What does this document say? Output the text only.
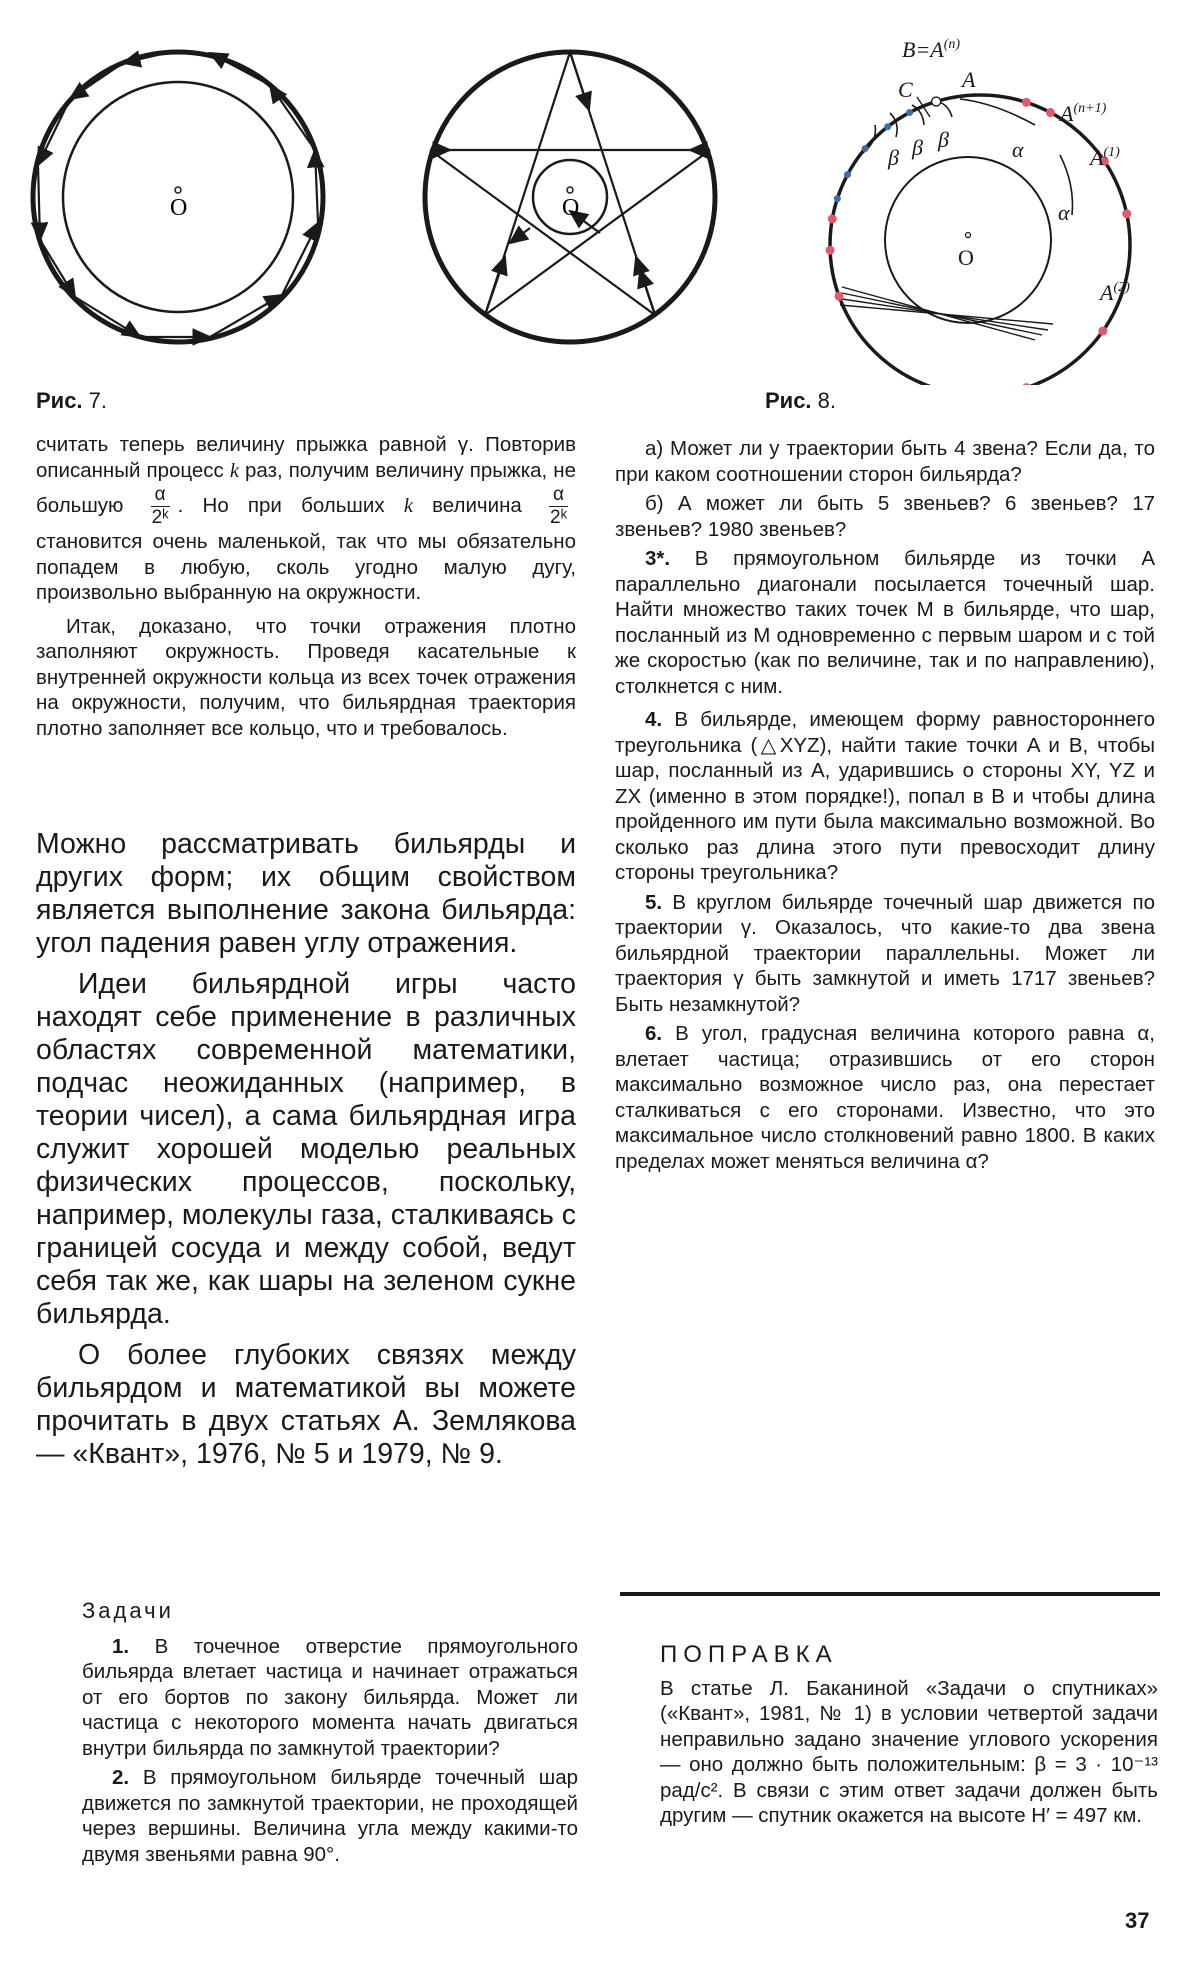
O	O
$B=A^{(n)}$
C A
$A^{(n+1)}$
$A^{(1)}$
$A^{(2)}$
β β β	α
α
O
Рис. 7.	Рис. 8.

считать теперь величину прыжка равной γ. Повторив описанный процесс k раз, получим величину прыжка, не большую $\frac{\alpha}{\text{2ᵏ}}$ . Но при больших k величина $\frac{\alpha}{\text{2ᵏ}}$
становится очень маленькой, так что мы обязательно попадем в любую, сколь угодно малую дугу, произвольно выбранную на окружности.

Итак, доказано, что точки отражения плотно заполняют окружность. Проведя касательные к внутренней окружности кольца из всех точек отражения на окружности, получим, что бильярдная траектория плотно заполняет все кольцо, что и требовалось.

Можно рассматривать бильярды и других форм; их общим свойством является выполнение закона бильярда: угол падения равен углу отражения.

Идеи бильярдной игры часто находят себе применение в различных областях современной математики, подчас неожиданных (например, в теории чисел), а сама бильярдная игра служит хорошей моделью реальных физических процессов, поскольку, например, молекулы газа, сталкиваясь с границей сосуда и между собой, ведут себя так же, как шары на зеленом сукне бильярда.

О более глубоких связях между бильярдом и математикой вы можете прочитать в двух статьях А. Землякова — «Квант», 1976, № 5 и 1979, № 9.

а) Может ли у траектории быть 4 звена? Если да, то при каком соотношении сторон бильярда?

б) А может ли быть 5 звеньев? 6 звеньев? 17 звеньев? 1980 звеньев?

3*. В прямоугольном бильярде из точки A параллельно диагонали посылается точечный шар. Найти множество таких точек M в бильярде, что шар, посланный из M одновременно с первым шаром и с той же скоростью (как по величине, так и по направлению), столкнется с ним.

4. В бильярде, имеющем форму равностороннего треугольника (△XYZ), найти такие точки A и B, чтобы шар, посланный из A, ударившись о стороны XY, YZ и ZX (именно в этом порядке!), попал в B и чтобы длина пройденного им пути была максимально возможной. Во сколько раз длина этого пути превосходит длину стороны треугольника?

5. В круглом бильярде точечный шар движется по траектории γ. Оказалось, что какие-то два звена бильярдной траектории параллельны. Может ли траектория γ быть замкнутой и иметь 1717 звеньев? Быть незамкнутой?

6. В угол, градусная величина которого равна α, влетает частица; отразившись от его сторон максимально возможное число раз, она перестает сталкиваться с его сторонами. Известно, что это максимальное число столкновений равно 1800. В каких пределах может меняться величина α?

Задачи

1. В точечное отверстие прямоугольного бильярда влетает частица и начинает отражаться от его бортов по закону бильярда. Может ли частица с некоторого момента начать двигаться внутри бильярда по замкнутой траектории?

2. В прямоугольном бильярде точечный шар движется по замкнутой траектории, не проходящей через вершины. Величина угла между какими-то двумя звеньями равна 90°.

ПОПРАВКА

В статье Л. Баканиной «Задачи о спутниках» («Квант», 1981, № 1) в условии четвертой задачи неправильно задано значение углового ускорения — оно должно быть положительным: β = 3 · 10⁻¹³ рад/с². В связи с этим ответ задачи должен быть другим — спутник окажется на высоте H′ = 497 км.

37
